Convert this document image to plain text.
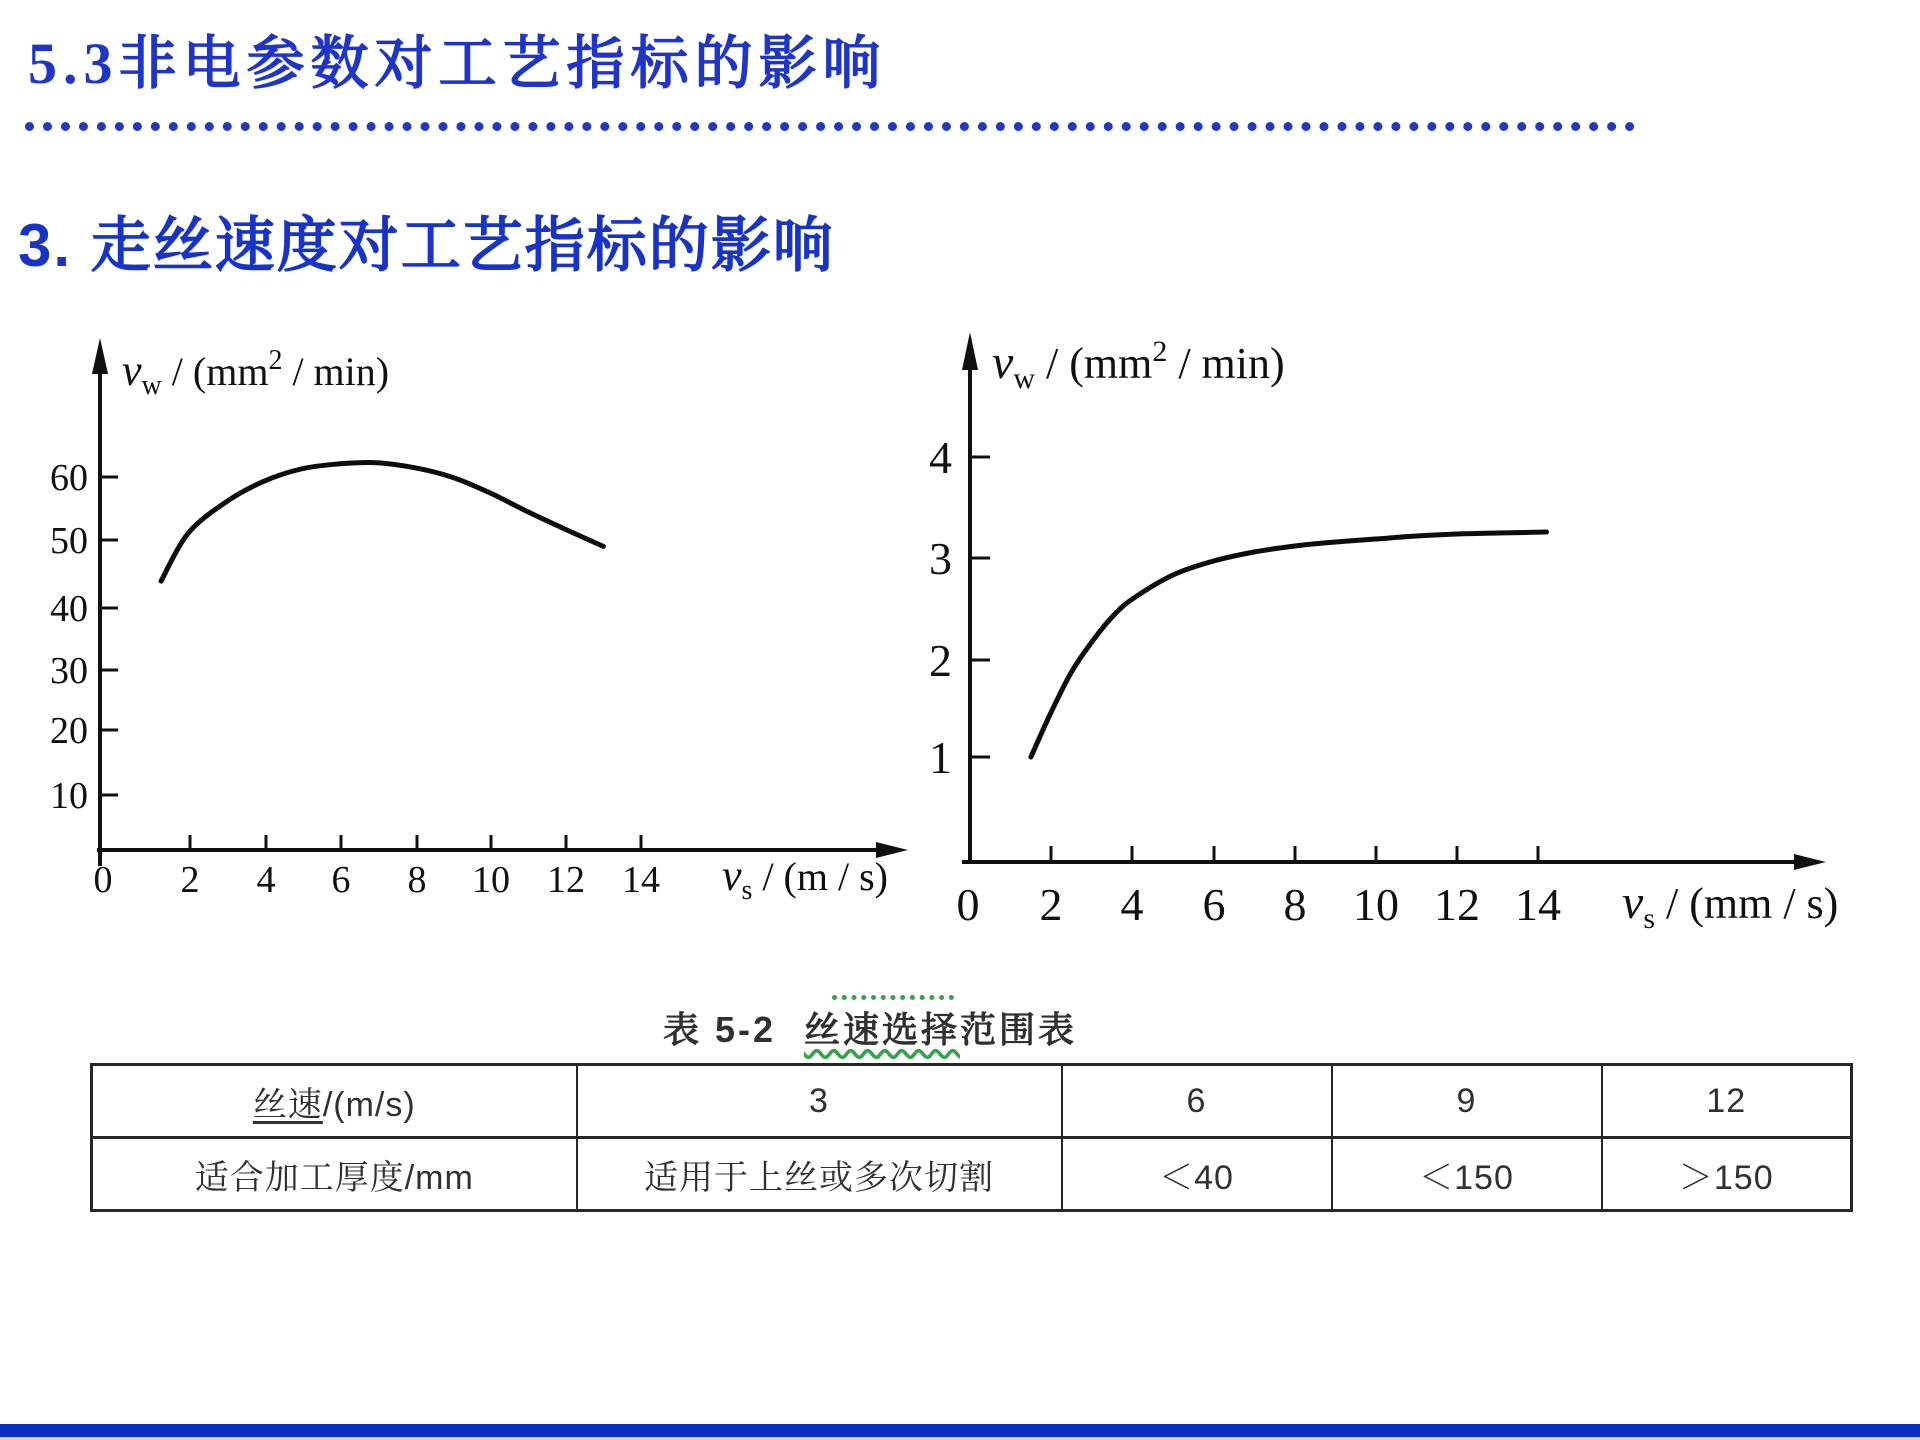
5.3非电参数对工艺指标的影响
3. 走丝速度对工艺指标的影响
60
50
40
30
20
10
0 2 4 6 8 10 12 14
$v_w / (mm^2 / \min)$
$v_s / (m / s)$
4
3
2
1
0 2 4 6 8 10 12 14
$v_w / (mm^2 / \min)$
$v_s / (mm / s)$
表 5-2 丝速选择范围表
丝速/(m/s)	3	6	9	12
适合加工厚度/mm	适用于上丝或多次切割	＜40	＜150	＞150
